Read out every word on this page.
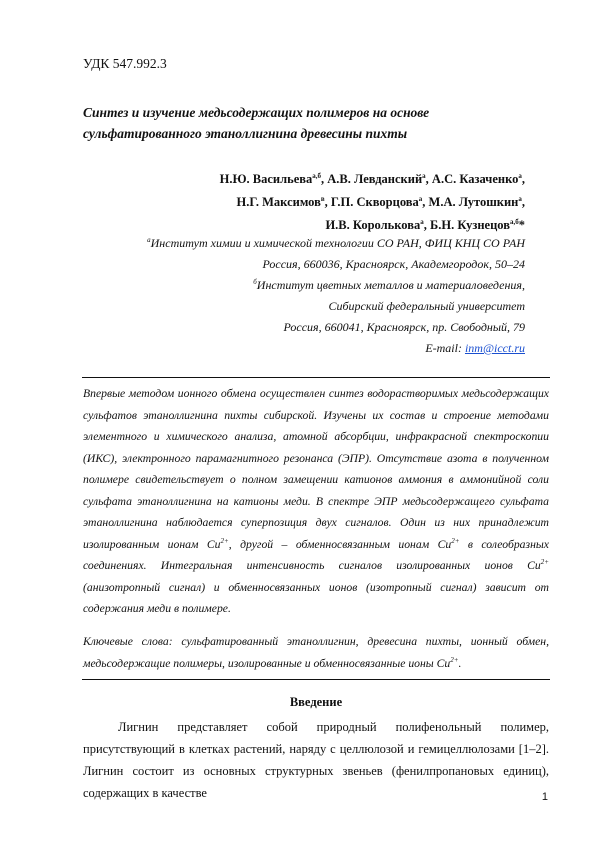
УДК 547.992.3
Синтез и изучение медьсодержащих полимеров на основе сульфатированного этаноллигнина древесины пихты
Н.Ю. Васильева$^{а,б}$, А.В. Левданский$^а$, А.С. Казаченко$^а$,
Н.Г. Максимов$^в$, Г.П. Скворцова$^а$, М.А. Лутошкин$^а$,
И.В. Королькова$^а$, Б.Н. Кузнецов$^{а,б}$*
$^а$Институт химии и химической технологии СО РАН, ФИЦ КНЦ СО РАН
Россия, 660036, Красноярск, Академгородок, 50–24
$^б$Институт цветных металлов и материаловедения,
Сибирский федеральный университет
Россия, 660041, Красноярск, пр. Свободный, 79
E-mail: inm@icct.ru
Впервые методом ионного обмена осуществлен синтез водорастворимых медьсодержащих сульфатов этаноллигнина пихты сибирской. Изучены их состав и строение методами элементного и химического анализа, атомной абсорбции, инфракрасной спектроскопии (ИКС), электронного парамагнитного резонанса (ЭПР). Отсутствие азота в полученном полимере свидетельствует о полном замещении катионов аммония в аммонийной соли сульфата этаноллигнина на катионы меди. В спектре ЭПР медьсодержащего сульфата этаноллигнина наблюдается суперпозиция двух сигналов. Один из них принадлежит изолированным ионам $Cu^{2+}$, другой – обменносвязанным ионам $Cu^{2+}$ в солеобразных соединениях. Интегральная интенсивность сигналов изолированных ионов $Cu^{2+}$ (анизотропный сигнал) и обменносвязанных ионов (изотропный сигнал) зависит от содержания меди в полимере.
Ключевые слова: сульфатированный этаноллигнин, древесина пихты, ионный обмен, медьсодержащие полимеры, изолированные и обменносвязанные ионы $Cu^{2+}$.
Введение
Лигнин представляет собой природный полифенольный полимер, присутствующий в клетках растений, наряду с целлюлозой и гемицеллюлозами [1–2]. Лигнин состоит из основных структурных звеньев (фенилпропановых единиц), содержащих в качестве	1
